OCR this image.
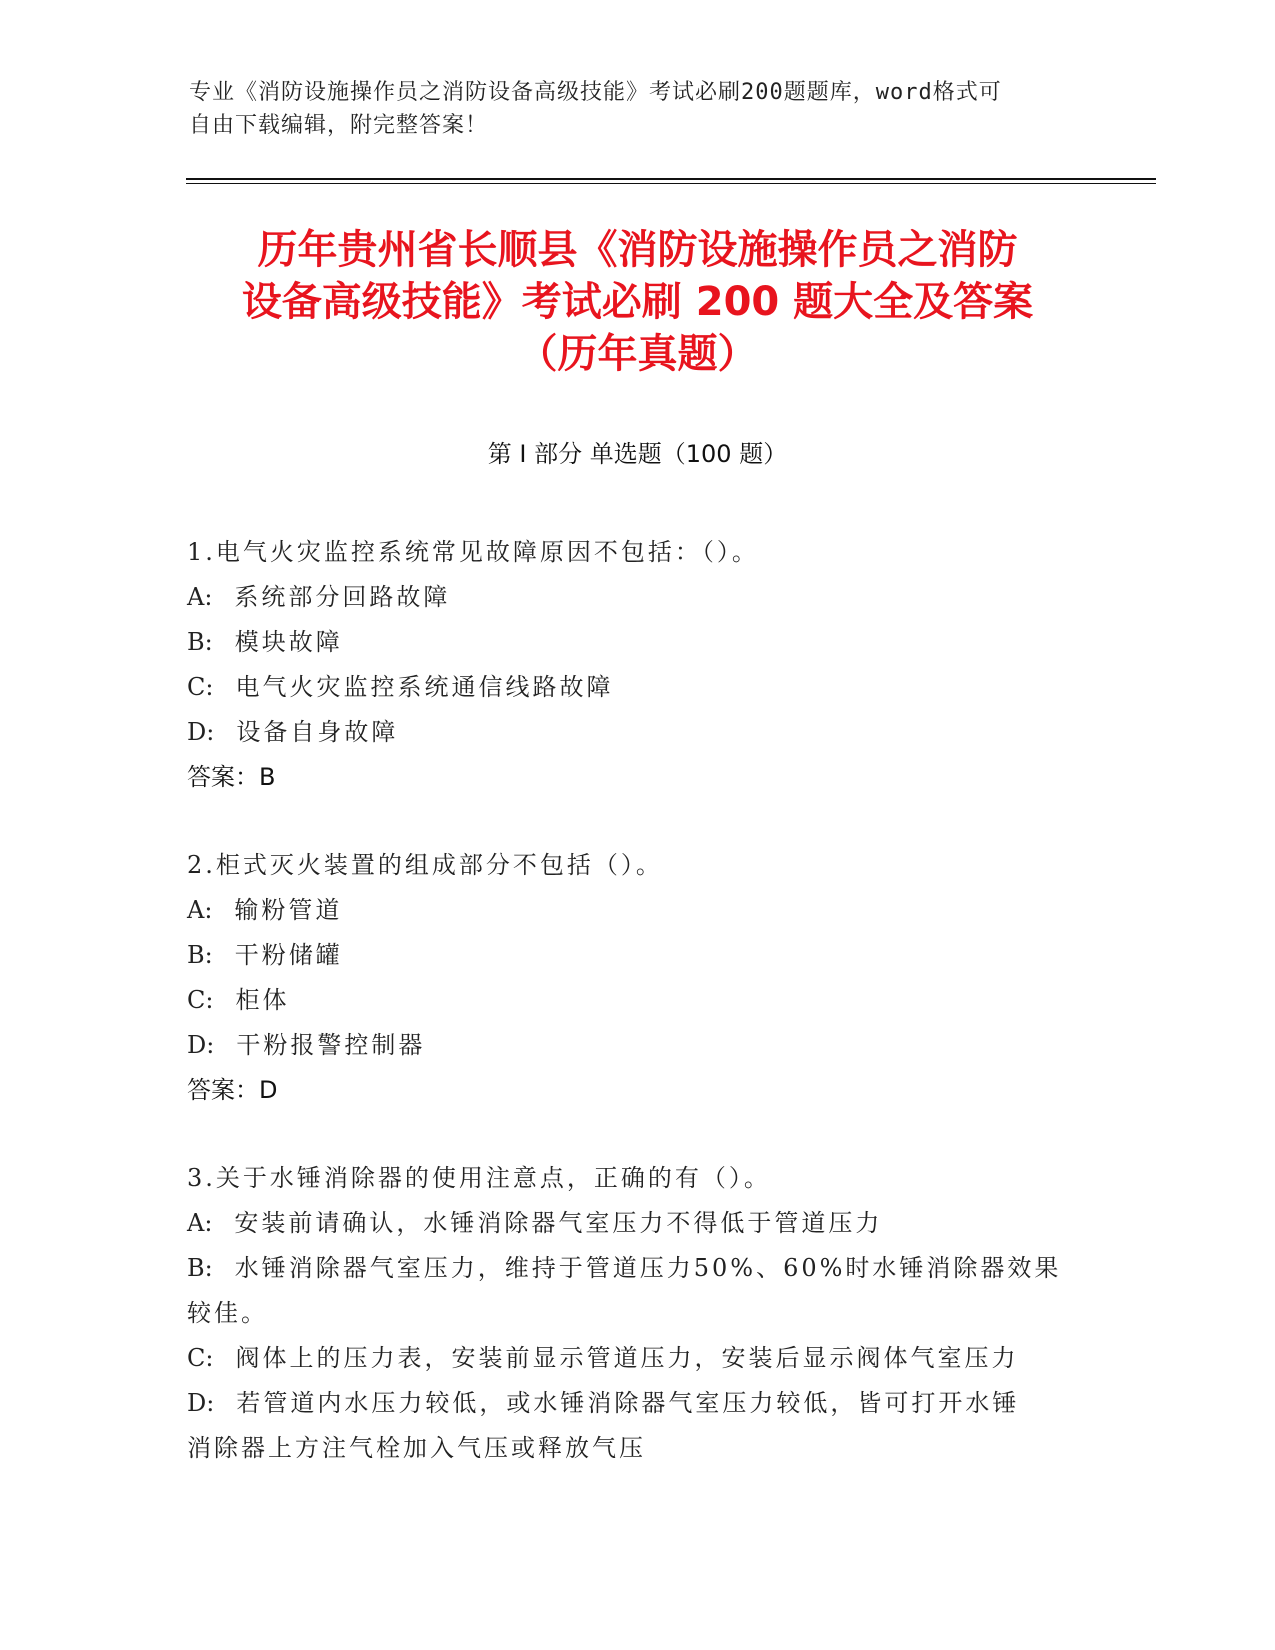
专业《消防设施操作员之消防设备高级技能》考试必刷200题题库，word格式可
自由下载编辑，附完整答案！
历年贵州省长顺县《消防设施操作员之消防
设备高级技能》考试必刷 200 题大全及答案
（历年真题）
第 I 部分 单选题（100 题）
1.电气火灾监控系统常见故障原因不包括：（）。
A: 系统部分回路故障
B: 模块故障
C: 电气火灾监控系统通信线路故障
D: 设备自身故障
答案：B
2.柜式灭火装置的组成部分不包括（）。
A: 输粉管道
B: 干粉储罐
C: 柜体
D: 干粉报警控制器
答案：D
3.关于水锤消除器的使用注意点，正确的有（）。
A: 安装前请确认，水锤消除器气室压力不得低于管道压力
B: 水锤消除器气室压力，维持于管道压力50%、60%时水锤消除器效果
较佳。
C: 阀体上的压力表，安装前显示管道压力，安装后显示阀体气室压力
D: 若管道内水压力较低，或水锤消除器气室压力较低，皆可打开水锤
消除器上方注气栓加入气压或释放气压
